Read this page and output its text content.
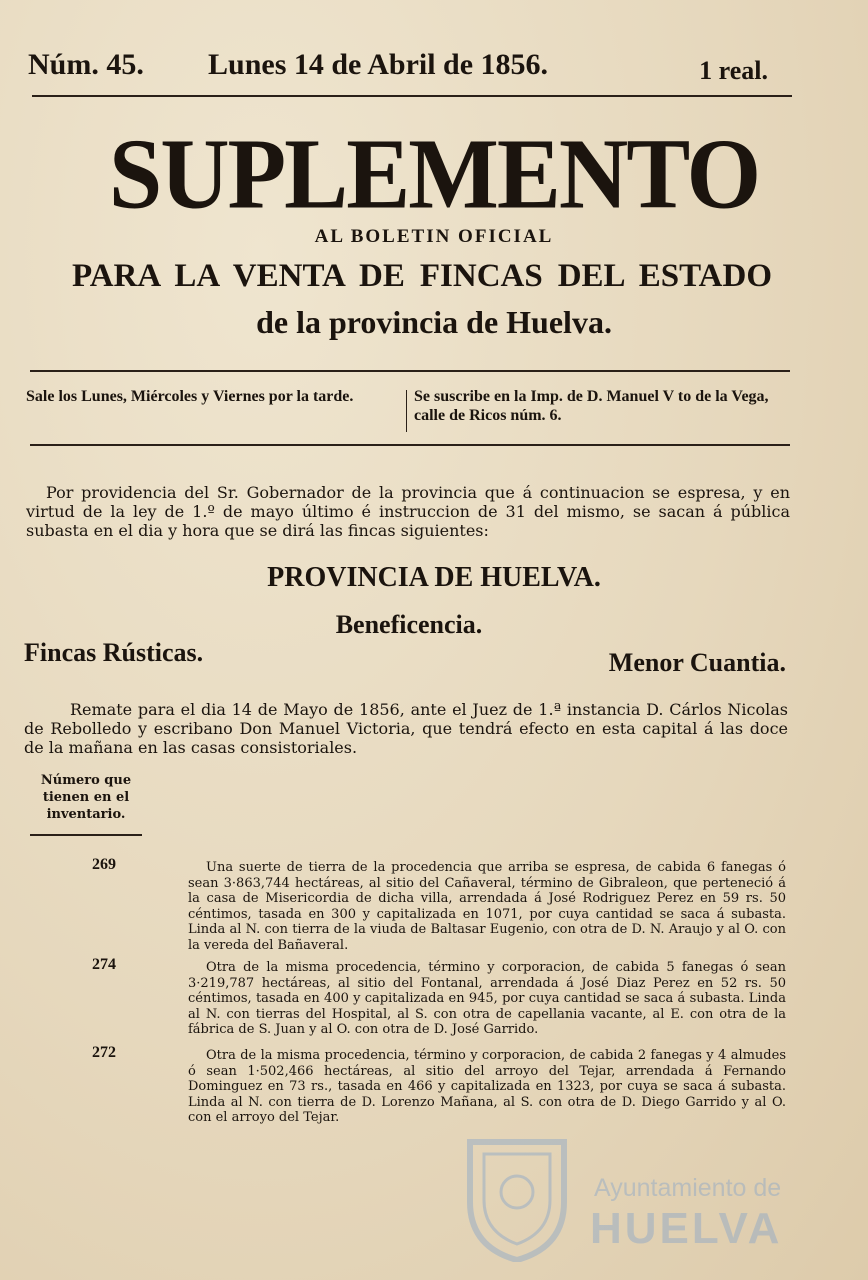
Núm. 45. Lunes 14 de Abril de 1856.	1 real.
SUPLEMENTO
AL BOLETIN OFICIAL
PARA LA VENTA DE FINCAS DEL ESTADO
de la provincia de Huelva.
Sale los Lunes, Miércoles y Viernes por la tarde.	Se suscribe en la Imp. de D. Manuel V to de la Vega, calle de Ricos núm. 6.
Por providencia del Sr. Gobernador de la provincia que á continuacion se espresa, y en virtud de la ley de 1.º de mayo último é instruccion de 31 del mismo, se sacan á pública subasta en el dia y hora que se dirá las fincas siguientes:
PROVINCIA DE HUELVA.
Beneficencia.
Fincas Rústicas.	Menor Cuantia.
Remate para el dia 14 de Mayo de 1856, ante el Juez de 1.ª instancia D. Cárlos Nicolas de Rebolledo y escribano Don Manuel Victoria, que tendrá efecto en esta capital á las doce de la mañana en las casas consistoriales.
Número que tienen en el inventario.
269	Una suerte de tierra de la procedencia que arriba se espresa, de cabida 6 fanegas ó sean 3·863,744 hectáreas, al sitio del Cañaveral, término de Gibraleon, que perteneció á la casa de Misericordia de dicha villa, arrendada á José Rodriguez Perez en 59 rs. 50 céntimos, tasada en 300 y capitalizada en 1071, por cuya cantidad se saca á subasta. Linda al N. con tierra de la viuda de Baltasar Eugenio, con otra de D. N. Araujo y al O. con la vereda del Bañaveral.
274	Otra de la misma procedencia, término y corporacion, de cabida 5 fanegas ó sean 3·219,787 hectáreas, al sitio del Fontanal, arrendada á José Diaz Perez en 52 rs. 50 céntimos, tasada en 400 y capitalizada en 945, por cuya cantidad se saca á subasta. Linda al N. con tierras del Hospital, al S. con otra de capellania vacante, al E. con otra de la fábrica de S. Juan y al O. con otra de D. José Garrido.
272	Otra de la misma procedencia, término y corporacion, de cabida 2 fanegas y 4 almudes ó sean 1·502,466 hectáreas, al sitio del arroyo del Tejar, arrendada á Fernando Dominguez en 73 rs., tasada en 466 y capitalizada en 1323, por cuya se saca á subasta. Linda al N. con tierra de D. Lorenzo Mañana, al S. con otra de D. Diego Garrido y al O. con el arroyo del Tejar.
Ayuntamiento de
HUELVA
